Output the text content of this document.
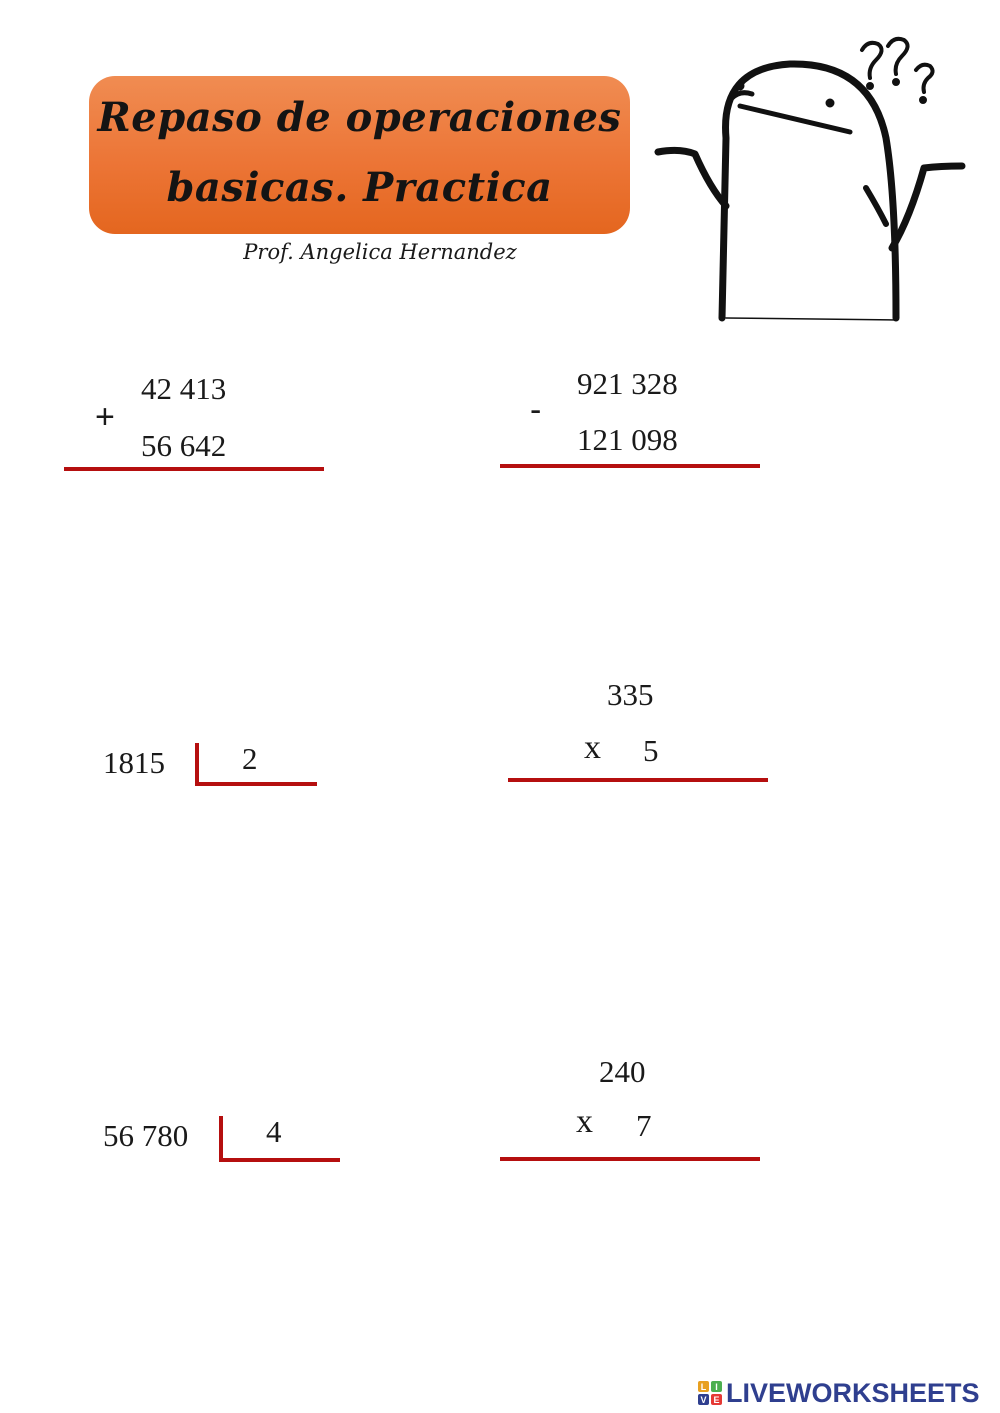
Repaso de operaciones
basicas. Practica
Prof. Angelica Hernandez
42 413
+
56 642
921 328
-
121 098
1815 2
335
x 5
56 780	4
240
x 7
L I
V E LIVEWORKSHEETS
